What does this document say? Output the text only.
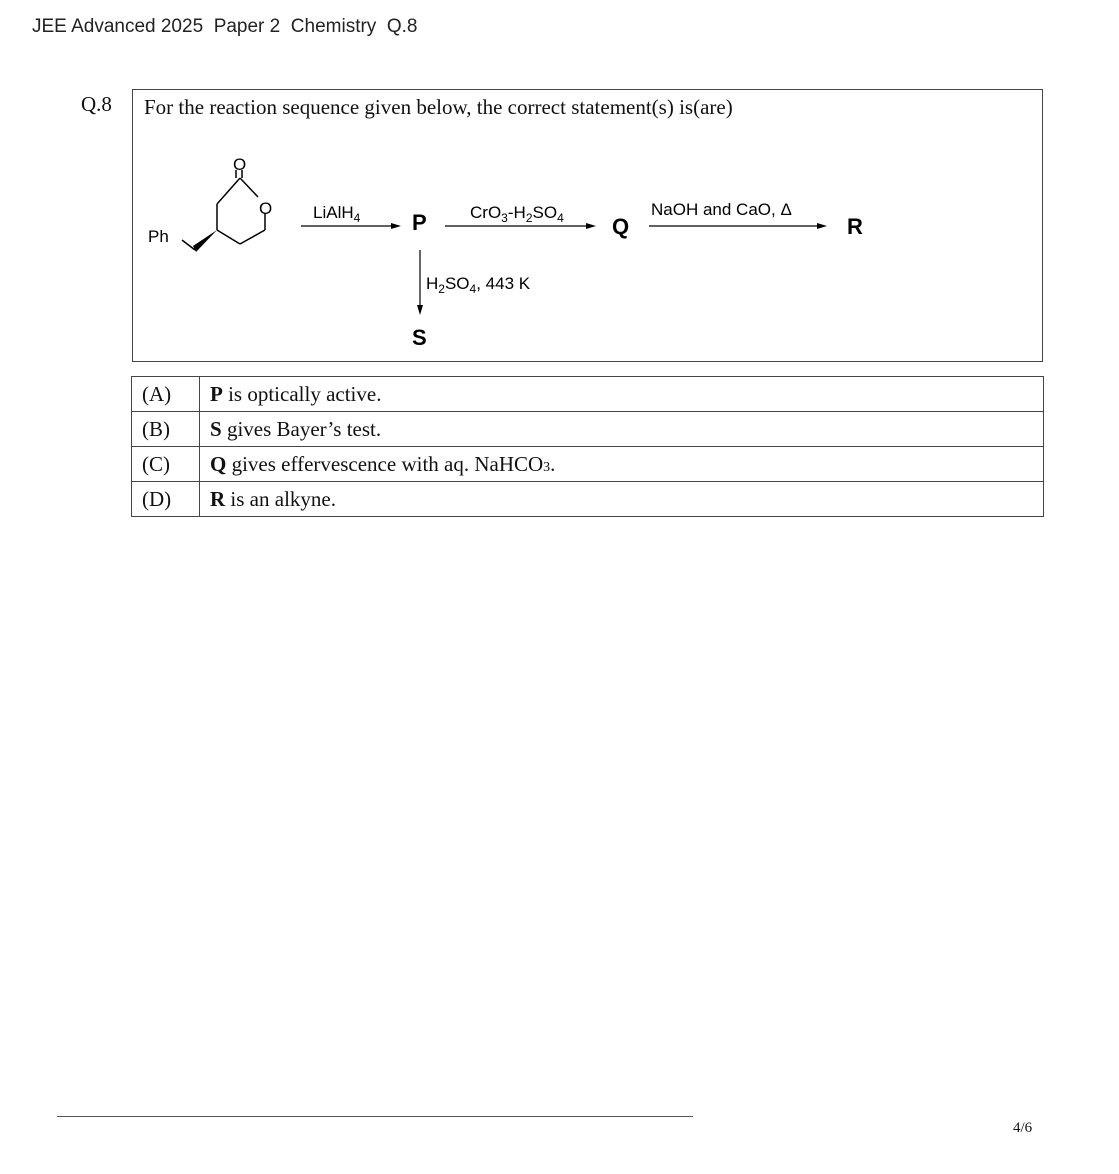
JEE Advanced 2025  Paper 2  Chemistry  Q.8
Q.8 For the reaction sequence given below, the correct statement(s) is(are)
O
O
Ph
LiAlH$_4$ P	$CrO_3-H_2SO_4$ Q
NaOH and CaO, Δ
R
$H_2SO_4$, 443 K
S
(A)	P is optically active.
(B)	S gives Bayer’s test.
(C)	Q gives effervescence with aq. NaHCO3.
(D)	R is an alkyne.
4/6
